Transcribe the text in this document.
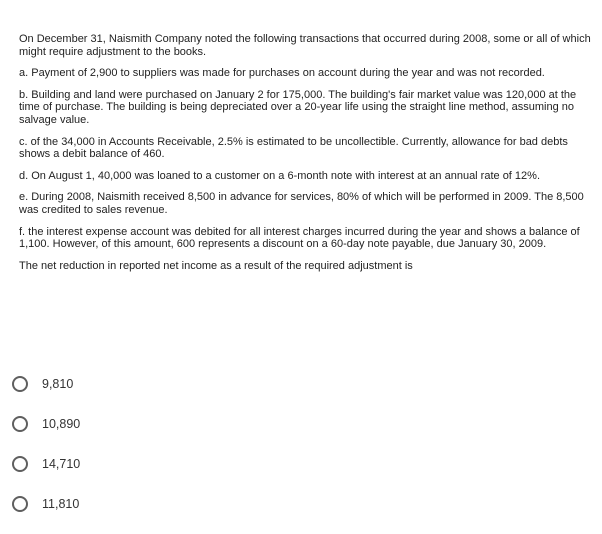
On December 31, Naismith Company noted the following transactions that occurred during 2008, some or all of which might require adjustment to the books.

a. Payment of 2,900 to suppliers was made for purchases on account during the year and was not recorded.

b. Building and land were purchased on January 2 for 175,000. The building's fair market value was 120,000 at the time of purchase. The building is being depreciated over a 20-year life using the straight line method, assuming no salvage value.

c. of the 34,000 in Accounts Receivable, 2.5% is estimated to be uncollectible. Currently, allowance for bad debts shows a debit balance of 460.

d. On August 1, 40,000 was loaned to a customer on a 6-month note with interest at an annual rate of 12%.

e. During 2008, Naismith received 8,500 in advance for services, 80% of which will be performed in 2009. The 8,500 was credited to sales revenue.

f. the interest expense account was debited for all interest charges incurred during the year and shows a balance of 1,100. However, of this amount, 600 represents a discount on a 60-day note payable, due January 30, 2009.

The net reduction in reported net income as a result of the required adjustment is

9,810
10,890
14,710
11,810
